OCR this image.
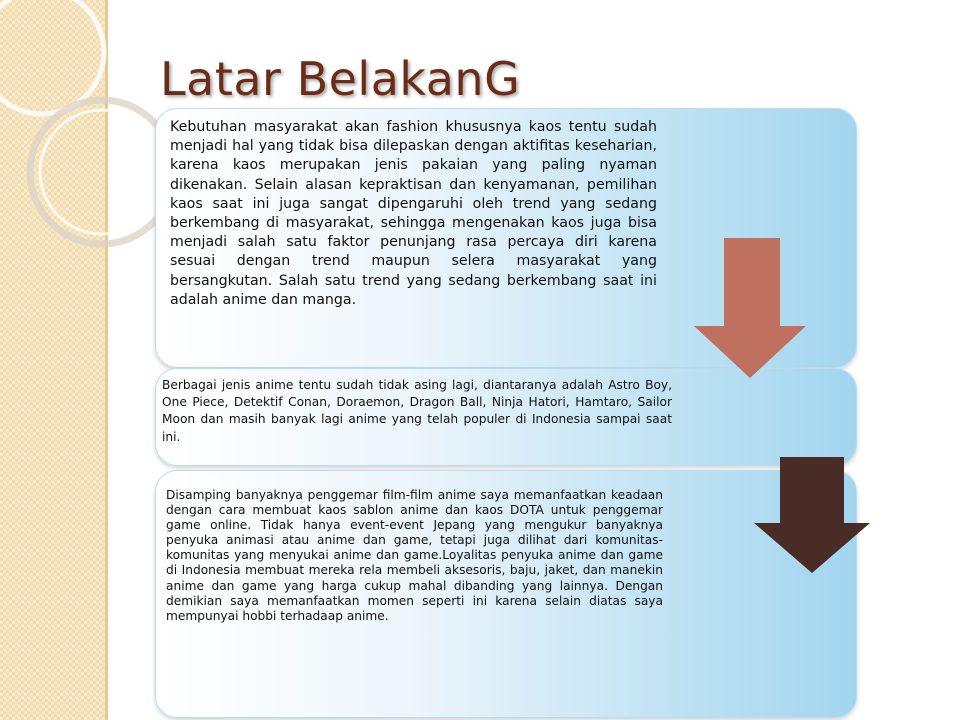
Latar BelakanG

Kebutuhan masyarakat akan fashion khususnya kaos tentu sudah menjadi hal yang tidak bisa dilepaskan dengan aktifitas keseharian, karena kaos merupakan jenis pakaian yang paling nyaman dikenakan. Selain alasan kepraktisan dan kenyamanan, pemilihan kaos saat ini juga sangat dipengaruhi oleh trend yang sedang berkembang di masyarakat, sehingga mengenakan kaos juga bisa menjadi salah satu faktor penunjang rasa percaya diri karena sesuai dengan trend maupun selera masyarakat yang bersangkutan. Salah satu trend yang sedang berkembang saat ini adalah anime dan manga.

Berbagai jenis anime tentu sudah tidak asing lagi, diantaranya adalah Astro Boy, One Piece, Detektif Conan, Doraemon, Dragon Ball, Ninja Hatori, Hamtaro, Sailor Moon dan masih banyak lagi anime yang telah populer di Indonesia sampai saat ini.

Disamping banyaknya penggemar film-film anime saya memanfaatkan keadaan dengan cara membuat kaos sablon anime dan kaos DOTA untuk penggemar game online. Tidak hanya event-event Jepang yang mengukur banyaknya penyuka animasi atau anime dan game, tetapi juga dilihat dari komunitas-komunitas yang menyukai anime dan game.Loyalitas penyuka anime dan game di Indonesia membuat mereka rela membeli aksesoris, baju, jaket, dan manekin anime dan game yang harga cukup mahal dibanding yang lainnya. Dengan demikian saya memanfaatkan momen seperti ini karena selain diatas saya mempunyai hobbi terhadaap anime.
